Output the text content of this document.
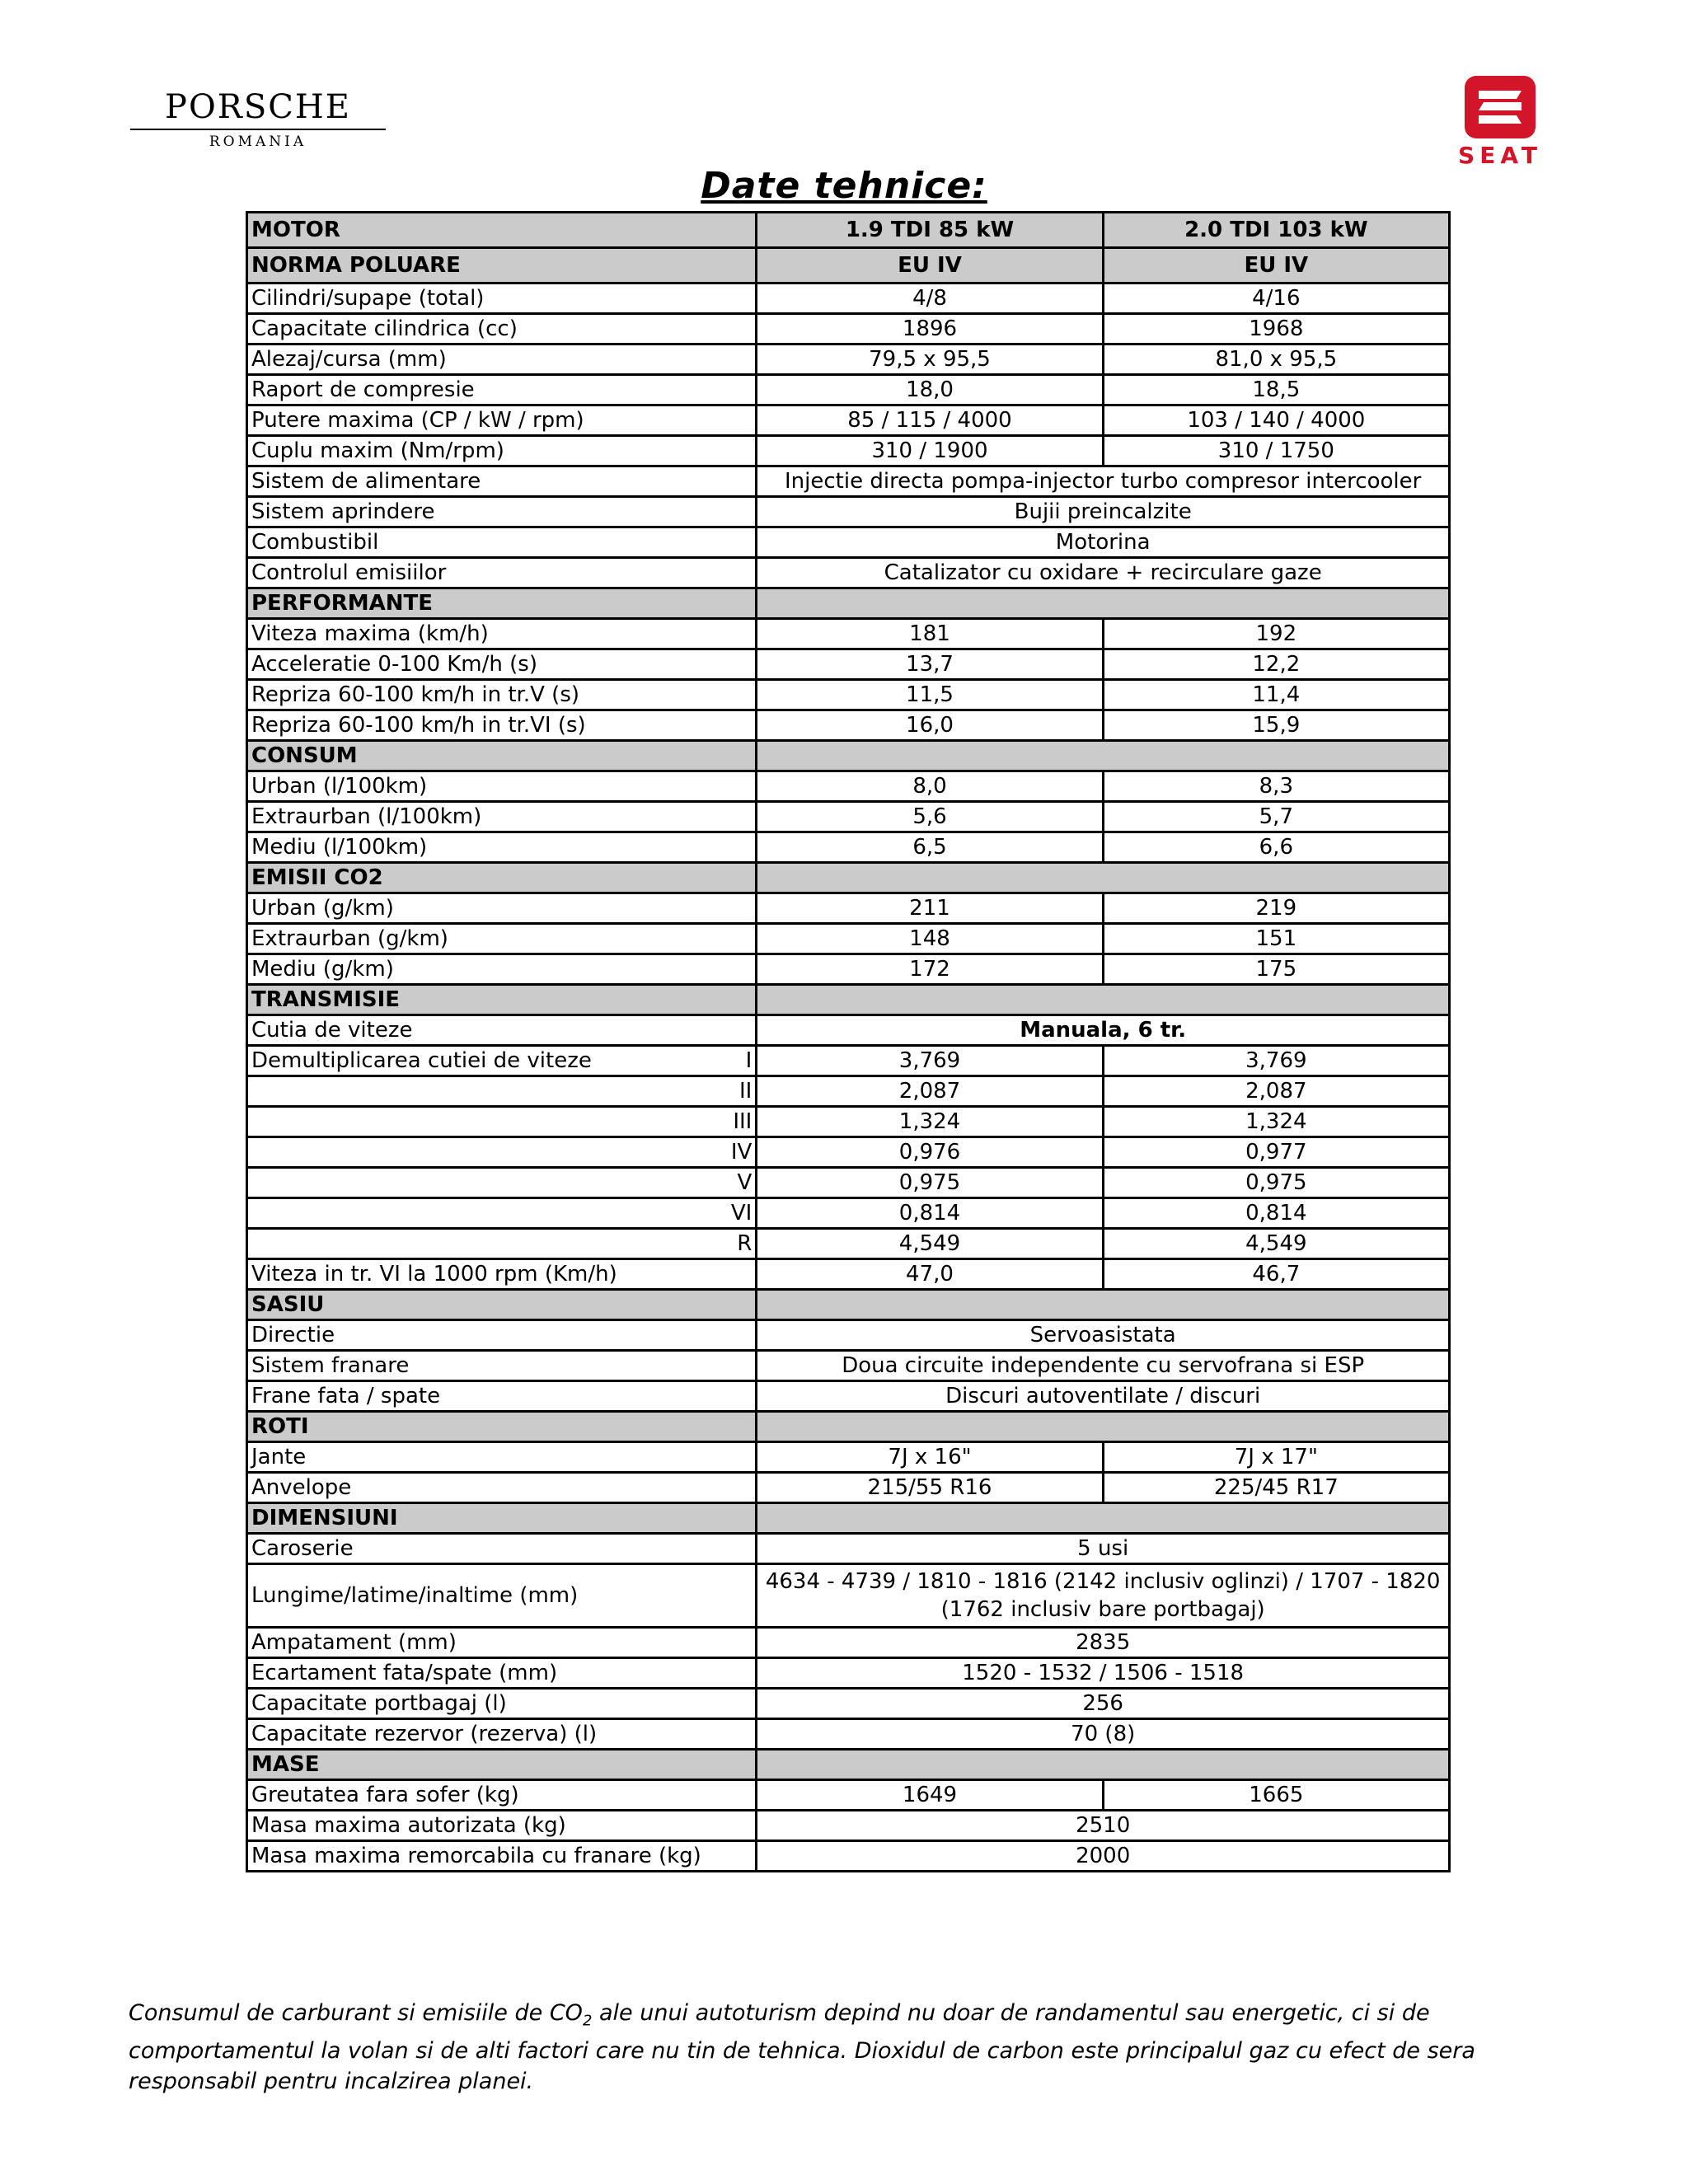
PORSCHE
ROMANIA	SEAT
Date tehnice:
MOTOR	1.9 TDI 85 kW	2.0 TDI 103 kW
NORMA POLUARE	EU IV	EU IV
Cilindri/supape (total)	4/8	4/16
Capacitate cilindrica (cc)	1896	1968
Alezaj/cursa (mm)	79,5 x 95,5	81,0 x 95,5
Raport de compresie	18,0	18,5
Putere maxima (CP / kW / rpm)	85 / 115 / 4000	103 / 140 / 4000
Cuplu maxim (Nm/rpm)	310 / 1900	310 / 1750
Sistem de alimentare	Injectie directa pompa-injector turbo compresor intercooler	
Sistem aprindere	Bujii preincalzite	
Combustibil	Motorina	
Controlul emisiilor	Catalizator cu oxidare + recirculare gaze	
PERFORMANTE		
Viteza maxima (km/h)	181	192
Acceleratie 0-100 Km/h (s)	13,7	12,2
Repriza 60-100 km/h in tr.V (s)	11,5	11,4
Repriza 60-100 km/h in tr.VI (s)	16,0	15,9
CONSUM		
Urban (l/100km)	8,0	8,3
Extraurban (l/100km)	5,6	5,7
Mediu (l/100km)	6,5	6,6
EMISII CO2		
Urban (g/km)	211	219
Extraurban (g/km)	148	151
Mediu (g/km)	172	175
TRANSMISIE		
Cutia de viteze	Manuala, 6 tr.	

Demultiplicarea cutiei de viteze I	3,769	3,769

II	2,087	2,087

III	1,324	1,324

IV	0,976	0,977

V	0,975	0,975

VI	0,814	0,814

R	4,549	4,549
Viteza in tr. VI la 1000 rpm (Km/h)	47,0	46,7
SASIU		
Directie	Servoasistata	
Sistem franare	Doua circuite independente cu servofrana si ESP	
Frane fata / spate	Discuri autoventilate / discuri	
ROTI		
Jante	7J x 16"	7J x 17"
Anvelope	215/55 R16	225/45 R17
DIMENSIUNI		
Caroserie	5 usi	
Lungime/latime/inaltime (mm)	4634 - 4739 / 1810 - 1816 (2142 inclusiv oglinzi) / 1707 - 1820 (1762 inclusiv bare portbagaj)	
Ampatament (mm)	2835	
Ecartament fata/spate (mm)	1520 - 1532 / 1506 - 1518	
Capacitate portbagaj (l)	256	
Capacitate rezervor (rezerva) (l)	70 (8)	
MASE		
Greutatea fara sofer (kg)	1649	1665
Masa maxima autorizata (kg)	2510	
Masa maxima remorcabila cu franare (kg)	2000	
Consumul de carburant si emisiile de $CO_2$ ale unui autoturism depind nu doar de randamentul sau energetic, ci si de comportamentul la volan si de alti factori care nu tin de tehnica. Dioxidul de carbon este principalul gaz cu efect de sera responsabil pentru incalzirea planei.
